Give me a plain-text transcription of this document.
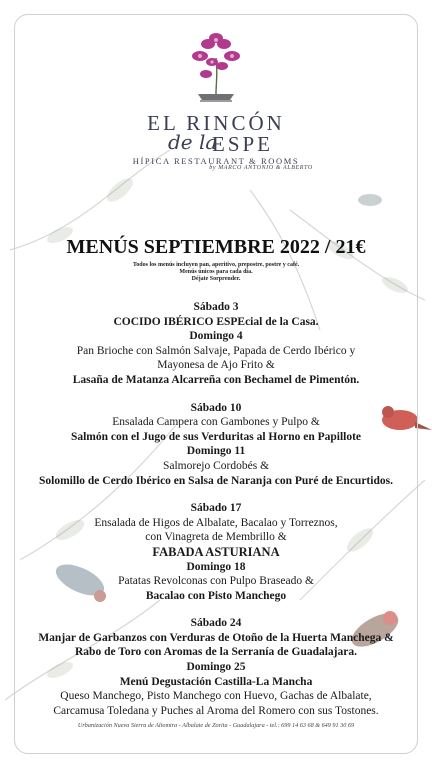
EL RINCÓN
de la
ESPE
HÍPICA RESTAURANT & ROOMS
by MARCO ANTONIO & ALBERTO
MENÚS SEPTIEMBRE 2022 / 21€
Todos los menús incluyen pan, aperitivo, prepostre, postre y café.
Menús únicos para cada día.
Déjate Sorprender.
Sábado 3
COCIDO IBÉRICO ESPEcial de la Casa.
Domingo 4
Pan Brioche con Salmón Salvaje, Papada de Cerdo Ibérico y
Mayonesa de Ajo Frito &
Lasaña de Matanza Alcarreña con Bechamel de Pimentón.
Sábado 10
Ensalada Campera con Gambones y Pulpo &
Salmón con el Jugo de sus Verduritas al Horno en Papillote
Domingo 11
Salmorejo Cordobés &
Solomillo de Cerdo Ibérico en Salsa de Naranja con Puré de Encurtidos.
Sábado 17
Ensalada de Higos de Albalate, Bacalao y Torreznos,
con Vinagreta de Membrillo &
FABADA ASTURIANA
Domingo 18
Patatas Revolconas con Pulpo Braseado &
Bacalao con Pisto Manchego
Sábado 24
Manjar de Garbanzos con Verduras de Otoño de la Huerta Manchega &
Rabo de Toro con Aromas de la Serranía de Guadalajara.
Domingo 25
Menú Degustación Castilla-La Mancha
Queso Manchego, Pisto Manchego con Huevo, Gachas de Albalate,
Carcamusa Toledana y Puches al Aroma del Romero con sus Tostones.
Urbanización Nueva Sierra de Altomira - Albalate de Zorita - Guadalajara - tel.: 699 14 63 68 & 649 91 30 69
